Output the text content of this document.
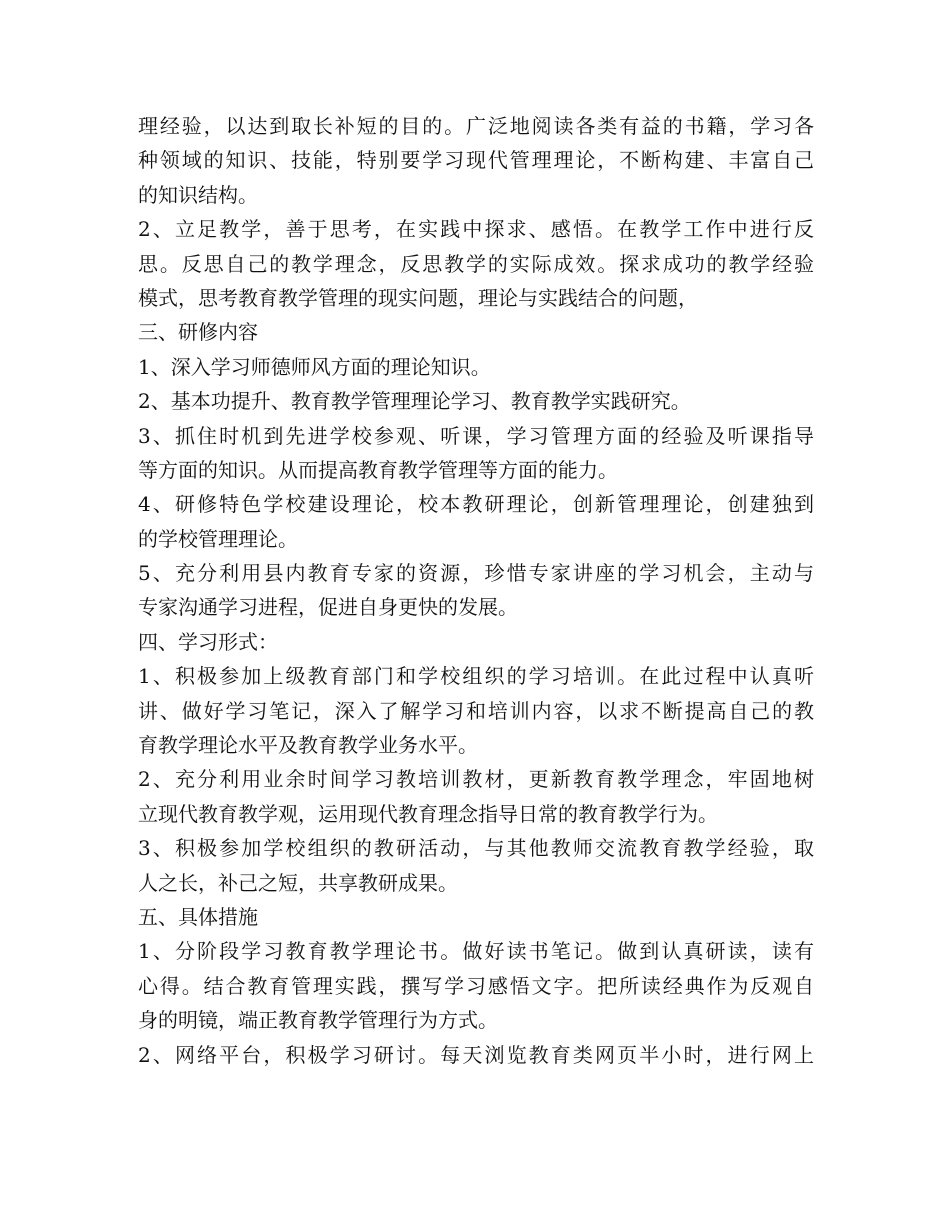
理经验，以达到取长补短的目的。广泛地阅读各类有益的书籍，学习各
种领域的知识、技能，特别要学习现代管理理论，不断构建、丰富自己
的知识结构。
2、立足教学，善于思考，在实践中探求、感悟。在教学工作中进行反
思。反思自己的教学理念，反思教学的实际成效。探求成功的教学经验
模式，思考教育教学管理的现实问题，理论与实践结合的问题，
三、研修内容
1、深入学习师德师风方面的理论知识。
2、基本功提升、教育教学管理理论学习、教育教学实践研究。
3、抓住时机到先进学校参观、听课，学习管理方面的经验及听课指导
等方面的知识。从而提高教育教学管理等方面的能力。
4、研修特色学校建设理论，校本教研理论，创新管理理论，创建独到
的学校管理理论。
5、充分利用县内教育专家的资源，珍惜专家讲座的学习机会，主动与
专家沟通学习进程，促进自身更快的发展。
四、学习形式：
1、积极参加上级教育部门和学校组织的学习培训。在此过程中认真听
讲、做好学习笔记，深入了解学习和培训内容，以求不断提高自己的教
育教学理论水平及教育教学业务水平。
2、充分利用业余时间学习教培训教材，更新教育教学理念，牢固地树
立现代教育教学观，运用现代教育理念指导日常的教育教学行为。
3、积极参加学校组织的教研活动，与其他教师交流教育教学经验，取
人之长，补己之短，共享教研成果。
五、具体措施
1、分阶段学习教育教学理论书。做好读书笔记。做到认真研读，读有
心得。结合教育管理实践，撰写学习感悟文字。把所读经典作为反观自
身的明镜，端正教育教学管理行为方式。
2、网络平台，积极学习研讨。每天浏览教育类网页半小时，进行网上
